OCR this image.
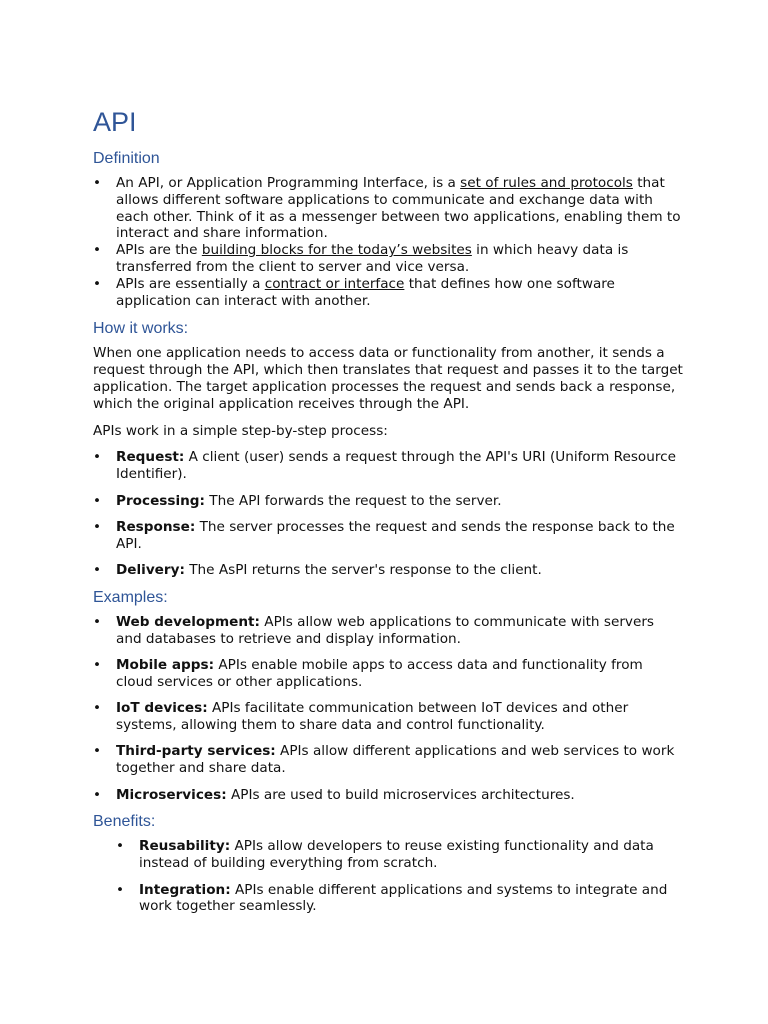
API
Definition
•	An API, or Application Programming Interface, is a set of rules and protocols that allows different software applications to communicate and exchange data with each other. Think of it as a messenger between two applications, enabling them to interact and share information.
•	APIs are the building blocks for the today’s websites in which heavy data is transferred from the client to server and vice versa.
•	APIs are essentially a contract or interface that defines how one software application can interact with another.
How it works:

When one application needs to access data or functionality from another, it sends a request through the API, which then translates that request and passes it to the target application. The target application processes the request and sends back a response, which the original application receives through the API.

APIs work in a simple step-by-step process:

•	Request: A client (user) sends a request through the API's URI (Uniform Resource Identifier).
•	Processing: The API forwards the request to the server.
•	Response: The server processes the request and sends the response back to the API.
•	Delivery: The AsPI returns the server's response to the client.
Examples:
•	Web development: APIs allow web applications to communicate with servers and databases to retrieve and display information.
•	Mobile apps: APIs enable mobile apps to access data and functionality from cloud services or other applications.
•	IoT devices: APIs facilitate communication between IoT devices and other systems, allowing them to share data and control functionality.
•	Third-party services: APIs allow different applications and web services to work together and share data.
•	Microservices: APIs are used to build microservices architectures.
Benefits:
•	Reusability: APIs allow developers to reuse existing functionality and data instead of building everything from scratch.
•	Integration: APIs enable different applications and systems to integrate and work together seamlessly.
